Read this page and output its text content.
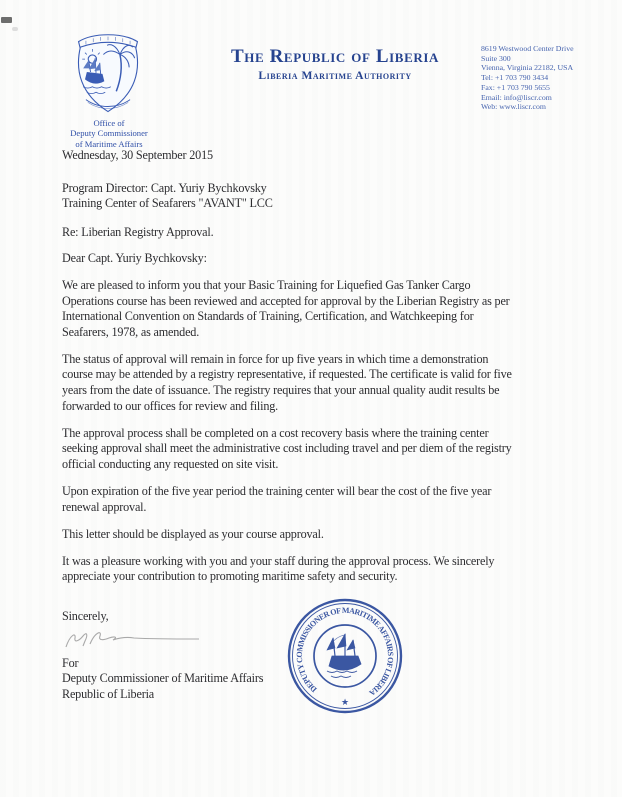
Office of
Deputy Commissioner
of Maritime Affairs
The Republic of Liberia
Liberia Maritime Authority
8619 Westwood Center Drive
Suite 300
Vienna, Virginia 22182, USA
Tel: +1 703 790 3434
Fax: +1 703 790 5655
Email: info@liscr.com
Web: www.liscr.com

Wednesday, 30 September 2015

Program Director: Capt. Yuriy Bychkovsky
Training Center of Seafarers "AVANT" LCC

Re: Liberian Registry Approval.

Dear Capt. Yuriy Bychkovsky:

We are pleased to inform you that your Basic Training for Liquefied Gas Tanker Cargo
Operations course has been reviewed and accepted for approval by the Liberian Registry as per
International Convention on Standards of Training, Certification, and Watchkeeping for
Seafarers, 1978, as amended.

The status of approval will remain in force for up five years in which time a demonstration
course may be attended by a registry representative, if requested. The certificate is valid for five
years from the date of issuance. The registry requires that your annual quality audit results be
forwarded to our offices for review and filing.

The approval process shall be completed on a cost recovery basis where the training center
seeking approval shall meet the administrative cost including travel and per diem of the registry
official conducting any requested on site visit.

Upon expiration of the five year period the training center will bear the cost of the five year
renewal approval.

This letter should be displayed as your course approval.

It was a pleasure working with you and your staff during the approval process. We sincerely
appreciate your contribution to promoting maritime safety and security.

Sincerely,

For
Deputy Commissioner of Maritime Affairs
Republic of Liberia	DEPUTY COMMISSIONER OF MARITIME AFFAIRS OF LIBERIA
★
